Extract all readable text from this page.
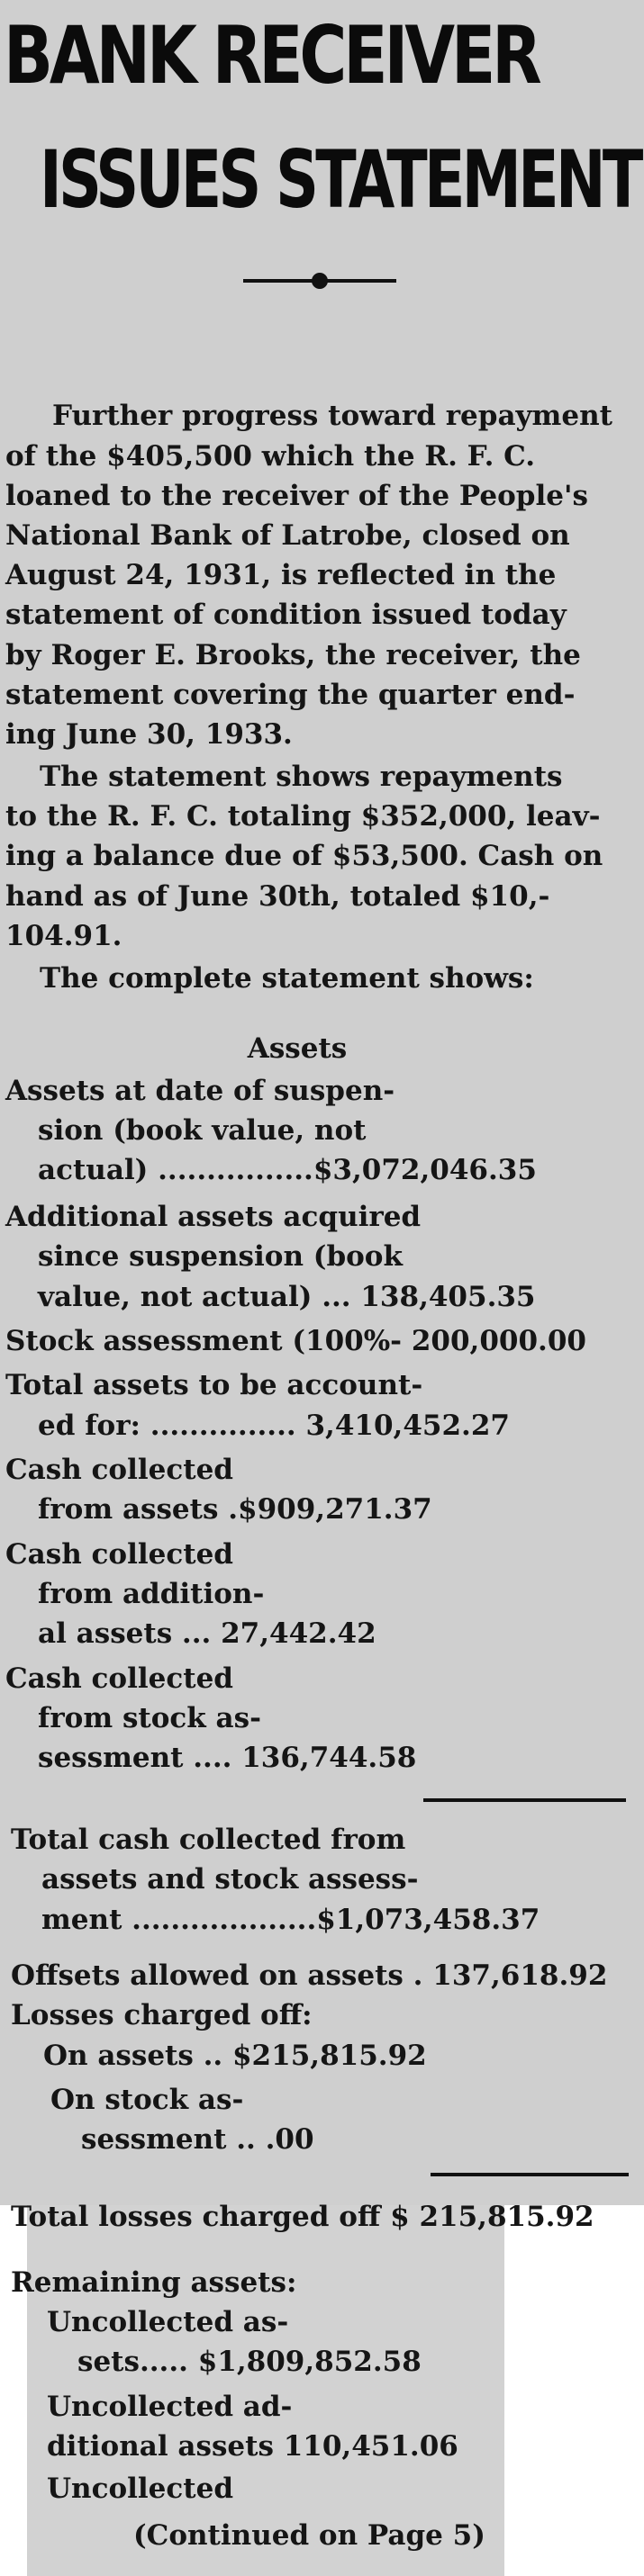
BANK RECEIVER
ISSUES STATEMENT
Further progress toward repayment
of the $405,500 which the R. F. C.
loaned to the receiver of the People's
National Bank of Latrobe, closed on
August 24, 1931, is reflected in the
statement of condition issued today
by Roger E. Brooks, the receiver, the
statement covering the quarter end-
ing June 30, 1933.
The statement shows repayments
to the R. F. C. totaling $352,000, leav-
ing a balance due of $53,500. Cash on
hand as of June 30th, totaled $10,-
104.91.
The complete statement shows:
Assets
Assets at date of suspen-
sion (book value, not
actual) ................$3,072,046.35
Additional assets acquired
since suspension (book
value, not actual) ... 138,405.35
Stock assessment (100%- 200,000.00
Total assets to be account-
ed for: ............... 3,410,452.27
Cash collected
from assets .$909,271.37
Cash collected
from addition-
al assets ... 27,442.42
Cash collected
from stock as-
sessment .... 136,744.58
Total cash collected from
assets and stock assess-
ment ...................$1,073,458.37
Offsets allowed on assets . 137,618.92
Losses charged off:
On assets .. $215,815.92
On stock as-
sessment .. .00
Total losses charged off $ 215,815.92
Remaining assets:
Uncollected as-
sets..... $1,809,852.58
Uncollected ad-
ditional assets 110,451.06
Uncollected
(Continued on Page 5)
